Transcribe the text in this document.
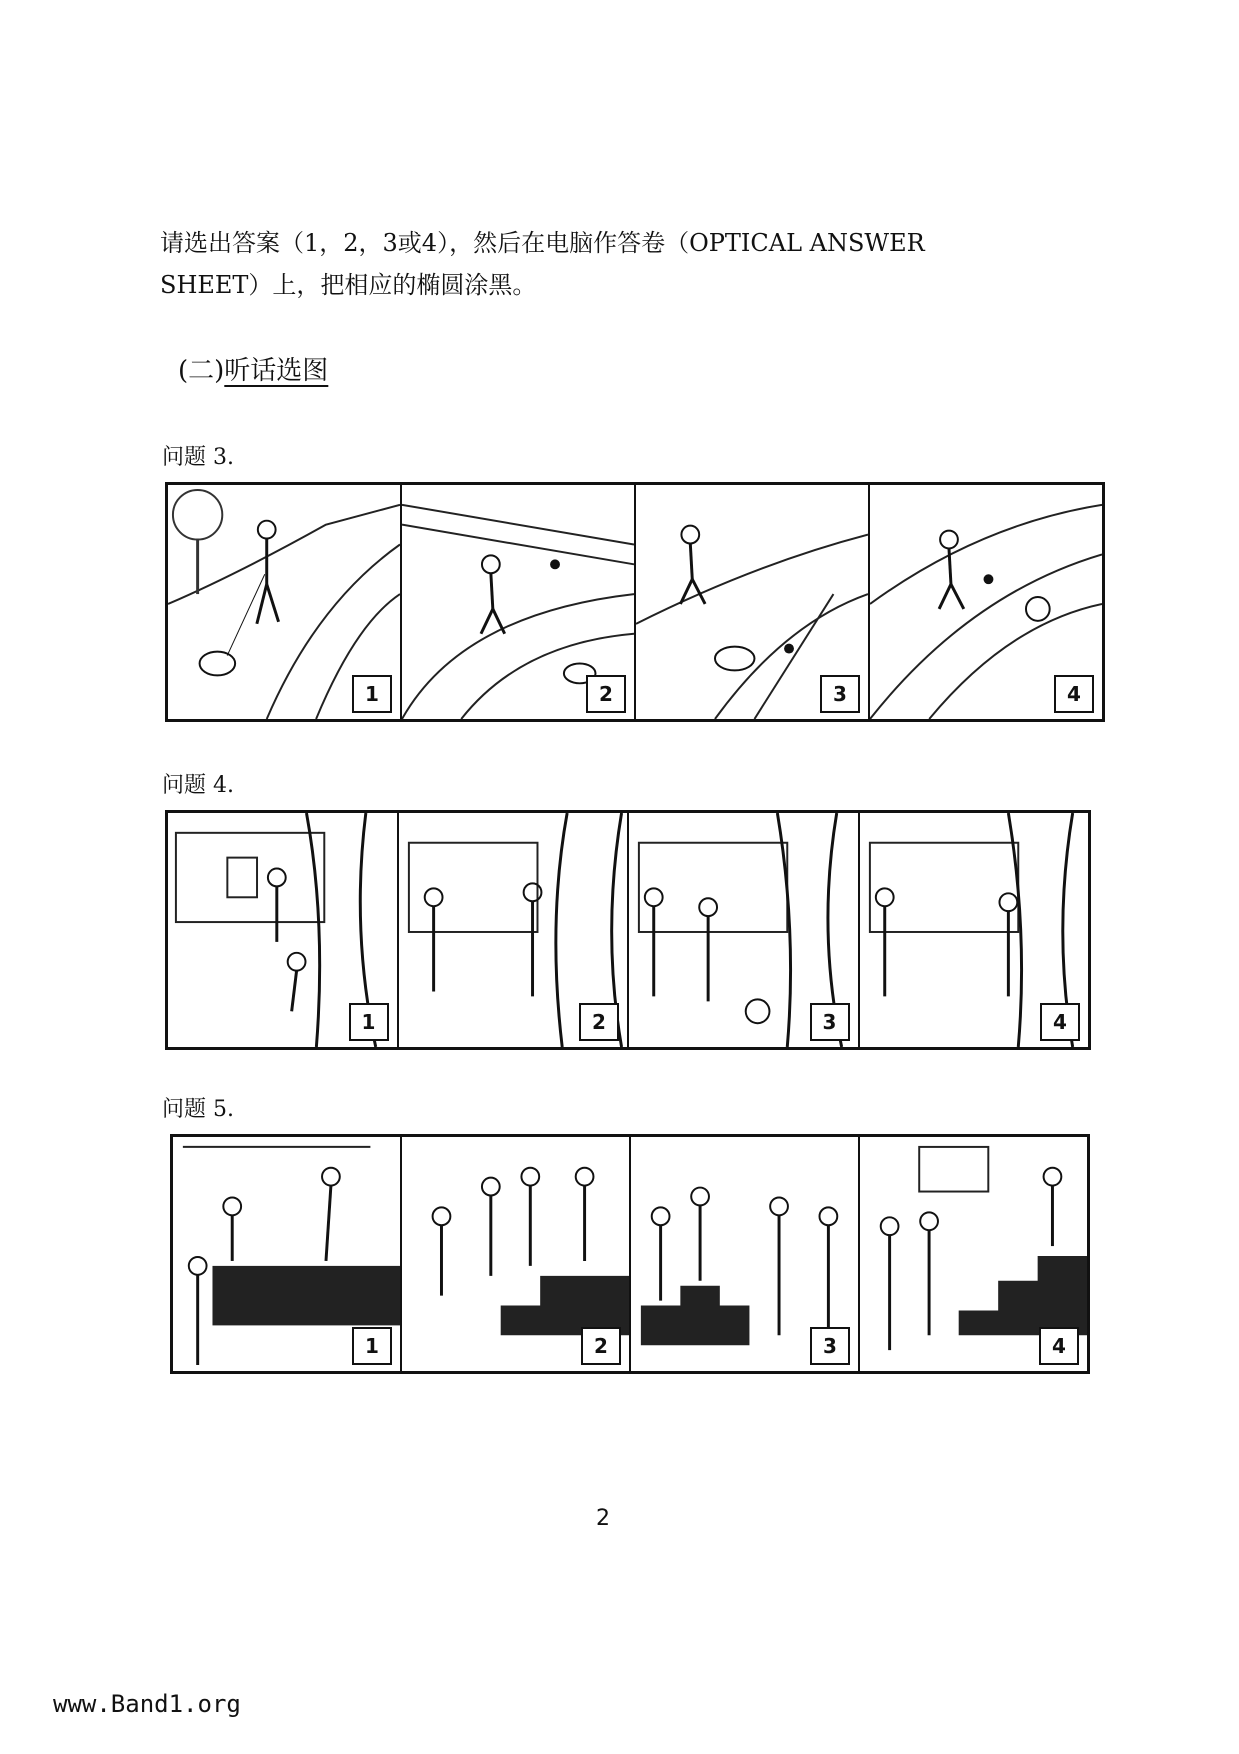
请选出答案（1，2，3或4），然后在电脑作答卷（OPTICAL ANSWER
SHEET）上，把相应的椭圆涂黑。
(二)听话选图
问题 3.
1	2	3	4
问题 4.
1	2	3	4
问题 5.
1	2	3	4
2
www.Band1.org
